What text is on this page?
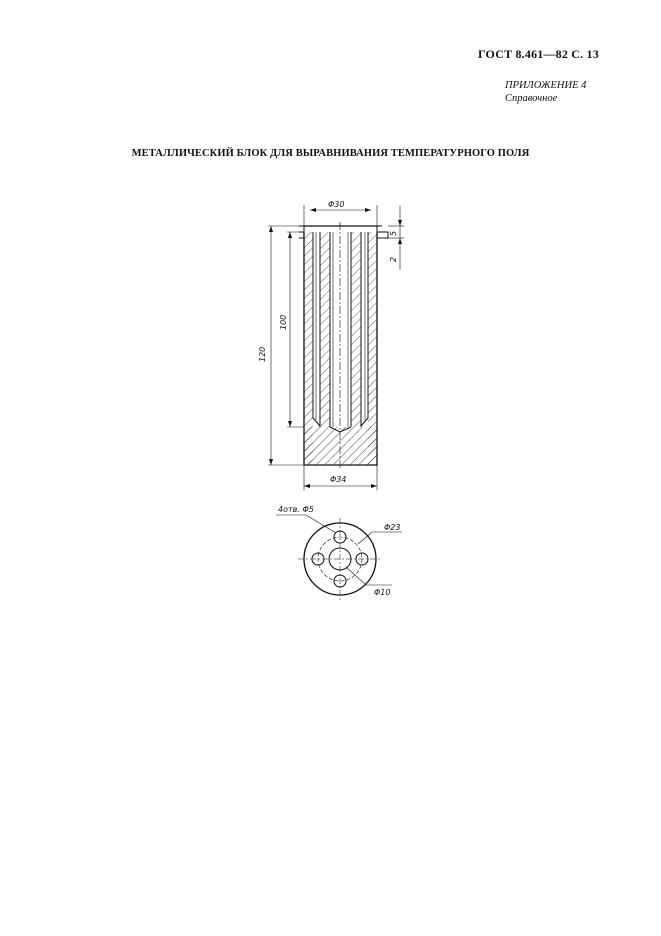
ГОСТ 8.461—82 С. 13
ПРИЛОЖЕНИЕ 4
Справочное
МЕТАЛЛИЧЕСКИЙ БЛОК ДЛЯ ВЫРАВНИВАНИЯ ТЕМПЕРАТУРНОГО ПОЛЯ
Φ30
Φ34
120
100
5
2
4отв. Φ5
Φ23
Φ10
